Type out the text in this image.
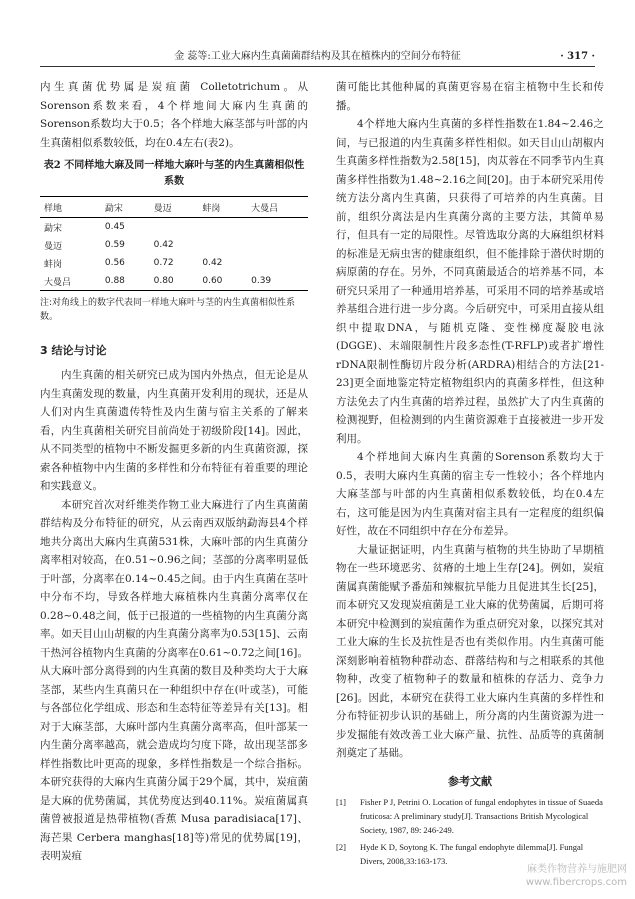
金 蕊等:工业大麻内生真菌菌群结构及其在植株内的空间分布特征	· 317 ·

内生真菌优势属是炭疽菌 Colletotrichum。从Sorenson系数来看，4个样地间大麻内生真菌的Sorenson系数均大于0.5；各个样地大麻茎部与叶部的内生真菌相似系数较低，均在0.4左右(表2)。

表2 不同样地大麻及同一样地大麻叶与茎的内生真菌相似性系数
样地	勐宋	曼迈	蚌岗	大曼吕
勐宋	0.45			
曼迈	0.59	0.42		
蚌岗	0.56	0.72	0.42	
大曼吕	0.88	0.80	0.60	0.39
注:对角线上的数字代表同一样地大麻叶与茎的内生真菌相似性系数。
3 结论与讨论

内生真菌的相关研究已成为国内外热点，但无论是从内生真菌发现的数量，内生真菌开发利用的现状，还是从人们对内生真菌遗传特性及内生菌与宿主关系的了解来看，内生真菌相关研究目前尚处于初级阶段[14]。因此，从不同类型的植物中不断发掘更多新的内生真菌资源，探索各种植物中内生菌的多样性和分布特征有着重要的理论和实践意义。

本研究首次对纤维类作物工业大麻进行了内生真菌菌群结构及分布特征的研究，从云南西双版纳勐海县4个样地共分离出大麻内生真菌531株，大麻叶部的内生真菌分离率相对较高，在0.51~0.96之间；茎部的分离率明显低于叶部，分离率在0.14~0.45之间。由于内生真菌在茎叶中分布不均，导致各样地大麻植株内生真菌分离率仅在0.28~0.48之间，低于已报道的一些植物的内生真菌分离率。如天目山山胡椒的内生真菌分离率为0.53[15]、云南干热河谷植物内生真菌的分离率在0.61~0.72之间[16]。从大麻叶部分离得到的内生真菌的数目及种类均大于大麻茎部，某些内生真菌只在一种组织中存在(叶或茎)，可能与各部位化学组成、形态和生态特征等差异有关[13]。相对于大麻茎部，大麻叶部内生真菌分离率高，但叶部某一内生菌分离率越高，就会造成均匀度下降，故出现茎部多样性指数比叶更高的现象，多样性指数是一个综合指标。本研究获得的大麻内生真菌分属于29个属，其中，炭疽菌是大麻的优势菌属，其优势度达到40.11%。炭疽菌属真菌曾被报道是热带植物(香蕉 Musa paradisiaca[17]、海芒果 Cerbera manghas[18]等)常见的优势属[19]，表明炭疽

菌可能比其他种属的真菌更容易在宿主植物中生长和传播。

4个样地大麻内生真菌的多样性指数在1.84~2.46之间，与已报道的内生真菌多样性相似。如天目山山胡椒内生真菌多样性指数为2.58[15]，肉苁蓉在不同季节内生真菌多样性指数为1.48~2.16之间[20]。由于本研究采用传统方法分离内生真菌，只获得了可培养的内生真菌。目前，组织分离法是内生真菌分离的主要方法，其简单易行，但具有一定的局限性。尽管选取分离的大麻组织材料的标准是无病虫害的健康组织，但不能排除于潜伏时期的病原菌的存在。另外，不同真菌最适合的培养基不同，本研究只采用了一种通用培养基，可采用不同的培养基或培养基组合进行进一步分离。今后研究中，可采用直接从组织中提取DNA，与随机克隆、变性梯度凝胶电泳(DGGE)、末端限制性片段多态性(T-RFLP)或者扩增性rDNA限制性酶切片段分析(ARDRA)相结合的方法[21-23]更全面地鉴定特定植物组织内的真菌多样性，但这种方法免去了内生真菌的培养过程，虽然扩大了内生真菌的检测视野，但检测到的内生菌资源难于直接被进一步开发利用。

4个样地间大麻内生真菌的Sorenson系数均大于0.5，表明大麻内生真菌的宿主专一性较小；各个样地内大麻茎部与叶部的内生真菌相似系数较低，均在0.4左右，这可能是因为内生真菌对宿主具有一定程度的组织偏好性，故在不同组织中存在分布差异。

大量证据证明，内生真菌与植物的共生协助了早期植物在一些环境恶劣、贫瘠的土地上生存[24]。例如，炭疽菌属真菌能赋予番茄和辣椒抗旱能力且促进其生长[25]，而本研究又发现炭疽菌是工业大麻的优势菌属，后期可将本研究中检测到的炭疽菌作为重点研究对象，以探究其对工业大麻的生长及抗性是否也有类似作用。内生真菌可能深刻影响着植物种群动态、群落结构和与之相联系的其他物种，改变了植物种子的数量和植株的存活力、竞争力[26]。因此，本研究在获得工业大麻内生真菌的多样性和分布特征初步认识的基础上，所分离的内生菌资源为进一步发掘能有效改善工业大麻产量、抗性、品质等的真菌制剂奠定了基础。

参考文献
[1]	Fisher P J, Petrini O. Location of fungal endophytes in tissue of Suaeda fruticosa: A preliminary study[J]. Transactions British Mycological Society, 1987, 89: 246-249.
[2]	Hyde K D, Soytong K. The fungal endophyte dilemma[J]. Fungal Divers, 2008,33:163-173.
麻类作物营养与施肥网
www.fibercrops.com
